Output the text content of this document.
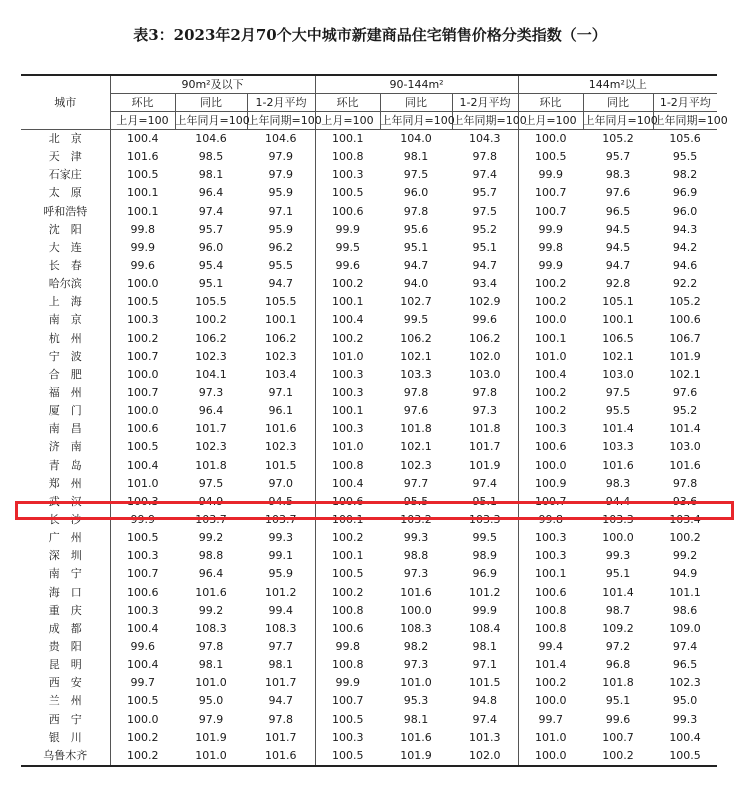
表3：2023年2月70个大中城市新建商品住宅销售价格分类指数（一）
城市	90m²及以下			90-144m²			144m²以上		
	环比	同比	1-2月平均	环比	同比	1-2月平均	环比	同比	1-2月平均
	上月=100	上年同月=100	上年同期=100	上月=100	上年同月=100	上年同期=100	上月=100	上年同月=100	上年同期=100
北　京	100.4	104.6	104.6	100.1	104.0	104.3	100.0	105.2	105.6
天　津	101.6	98.5	97.9	100.8	98.1	97.8	100.5	95.7	95.5
石家庄	100.5	98.1	97.9	100.3	97.5	97.4	99.9	98.3	98.2
太　原	100.1	96.4	95.9	100.5	96.0	95.7	100.7	97.6	96.9
呼和浩特	100.1	97.4	97.1	100.6	97.8	97.5	100.7	96.5	96.0
沈　阳	99.8	95.7	95.9	99.9	95.6	95.2	99.9	94.5	94.3
大　连	99.9	96.0	96.2	99.5	95.1	95.1	99.8	94.5	94.2
长　春	99.6	95.4	95.5	99.6	94.7	94.7	99.9	94.7	94.6
哈尔滨	100.0	95.1	94.7	100.2	94.0	93.4	100.2	92.8	92.2
上　海	100.5	105.5	105.5	100.1	102.7	102.9	100.2	105.1	105.2
南　京	100.3	100.2	100.1	100.4	99.5	99.6	100.0	100.1	100.6
杭　州	100.2	106.2	106.2	100.2	106.2	106.2	100.1	106.5	106.7
宁　波	100.7	102.3	102.3	101.0	102.1	102.0	101.0	102.1	101.9
合　肥	100.0	104.1	103.4	100.3	103.3	103.0	100.4	103.0	102.1
福　州	100.7	97.3	97.1	100.3	97.8	97.8	100.2	97.5	97.6
厦　门	100.0	96.4	96.1	100.1	97.6	97.3	100.2	95.5	95.2
南　昌	100.6	101.7	101.6	100.3	101.8	101.8	100.3	101.4	101.4
济　南	100.5	102.3	102.3	101.0	102.1	101.7	100.6	103.3	103.0
青　岛	100.4	101.8	101.5	100.8	102.3	101.9	100.0	101.6	101.6
郑　州	101.0	97.5	97.0	100.4	97.7	97.4	100.9	98.3	97.8
武　汉	100.3	94.9	94.5	100.6	95.5	95.1	100.7	94.4	93.6
长　沙	99.9	103.7	103.7	100.1	103.2	103.3	99.8	103.3	103.4
广　州	100.5	99.2	99.3	100.2	99.3	99.5	100.3	100.0	100.2
深　圳	100.3	98.8	99.1	100.1	98.8	98.9	100.3	99.3	99.2
南　宁	100.7	96.4	95.9	100.5	97.3	96.9	100.1	95.1	94.9
海　口	100.6	101.6	101.2	100.2	101.6	101.2	100.6	101.4	101.1
重　庆	100.3	99.2	99.4	100.8	100.0	99.9	100.8	98.7	98.6
成　都	100.4	108.3	108.3	100.6	108.3	108.4	100.8	109.2	109.0
贵　阳	99.6	97.8	97.7	99.8	98.2	98.1	99.4	97.2	97.4
昆　明	100.4	98.1	98.1	100.8	97.3	97.1	101.4	96.8	96.5
西　安	99.7	101.0	101.7	99.9	101.0	101.5	100.2	101.8	102.3
兰　州	100.5	95.0	94.7	100.7	95.3	94.8	100.0	95.1	95.0
西　宁	100.0	97.9	97.8	100.5	98.1	97.4	99.7	99.6	99.3
银　川	100.2	101.9	101.7	100.3	101.6	101.3	101.0	100.7	100.4
乌鲁木齐	100.2	101.0	101.6	100.5	101.9	102.0	100.0	100.2	100.5
